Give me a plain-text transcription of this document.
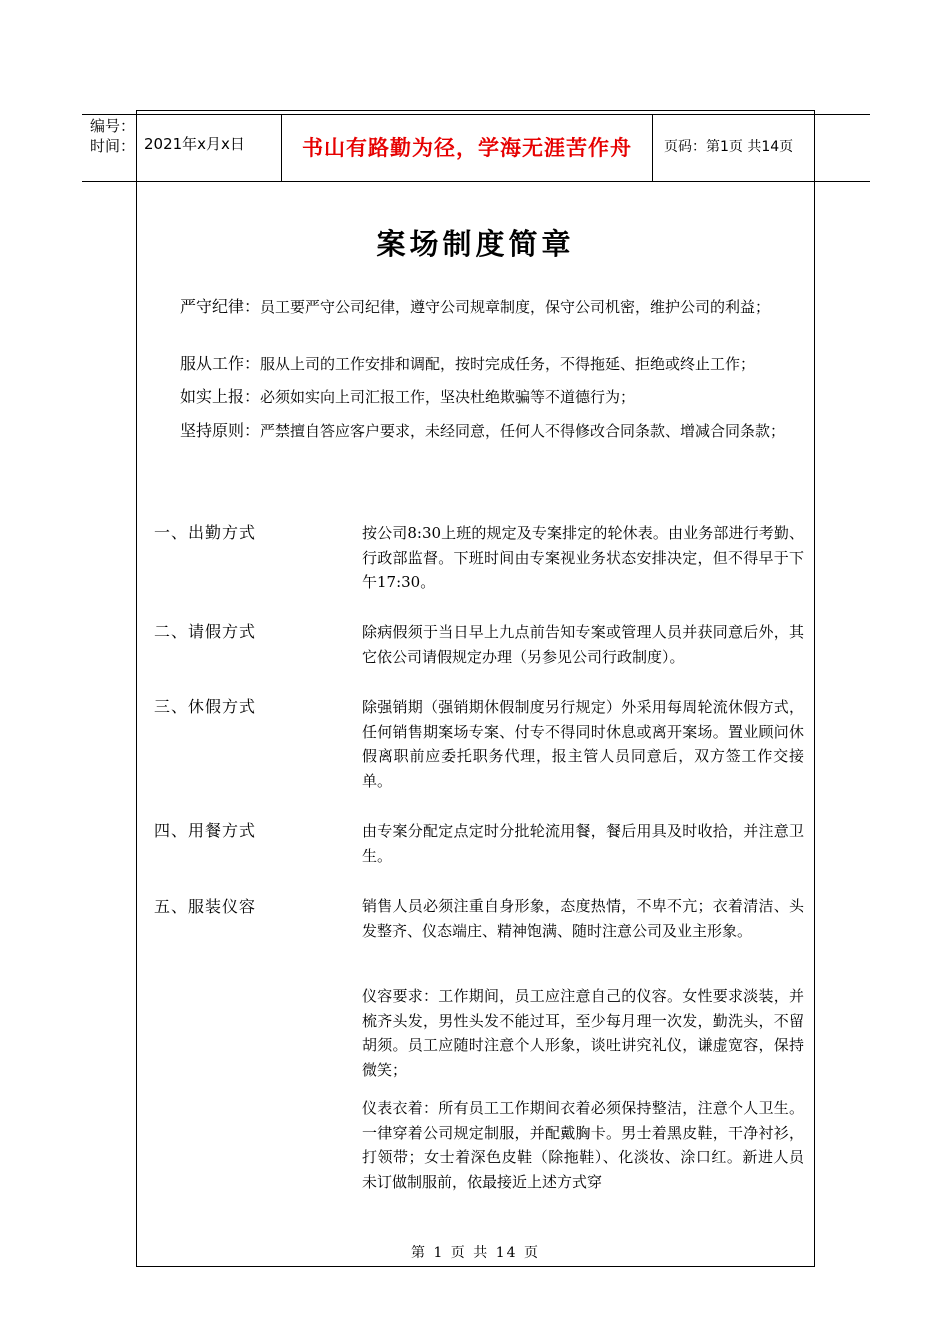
编号：
时间： 2021年x月x日	书山有路勤为径，学海无涯苦作舟	页码：第1页 共14页
案场制度简章
严守纪律：员工要严守公司纪律，遵守公司规章制度，保守公司机密，维护公司的利益；
服从工作：服从上司的工作安排和调配，按时完成任务，不得拖延、拒绝或终止工作；
如实上报：必须如实向上司汇报工作，坚决杜绝欺骗等不道德行为；
坚持原则：严禁擅自答应客户要求，未经同意，任何人不得修改合同条款、增减合同条款；
一、出勤方式	按公司8:30上班的规定及专案排定的轮休表。由业务部进行考勤、行政部监督。下班时间由专案视业务状态安排决定，但不得早于下午17:30。
二、请假方式	除病假须于当日早上九点前告知专案或管理人员并获同意后外，其它依公司请假规定办理（另参见公司行政制度）。
三、休假方式	除强销期（强销期休假制度另行规定）外采用每周轮流休假方式，任何销售期案场专案、付专不得同时休息或离开案场。置业顾问休假离职前应委托职务代理，报主管人员同意后，双方签工作交接单。
四、用餐方式	由专案分配定点定时分批轮流用餐，餐后用具及时收拾，并注意卫生。
五、服装仪容	销售人员必须注重自身形象，态度热情，不卑不亢；衣着清洁、头发整齐、仪态端庄、精神饱满、随时注意公司及业主形象。
仪容要求：工作期间，员工应注意自己的仪容。女性要求淡装，并梳齐头发，男性头发不能过耳，至少每月理一次发，勤洗头，不留胡须。员工应随时注意个人形象，谈吐讲究礼仪，谦虚宽容，保持微笑；
仪表衣着：所有员工工作期间衣着必须保持整洁，注意个人卫生。一律穿着公司规定制服，并配戴胸卡。男士着黑皮鞋，干净衬衫，打领带；女士着深色皮鞋（除拖鞋）、化淡妆、涂口红。新进人员未订做制服前，依最接近上述方式穿
第 1 页 共 14 页
